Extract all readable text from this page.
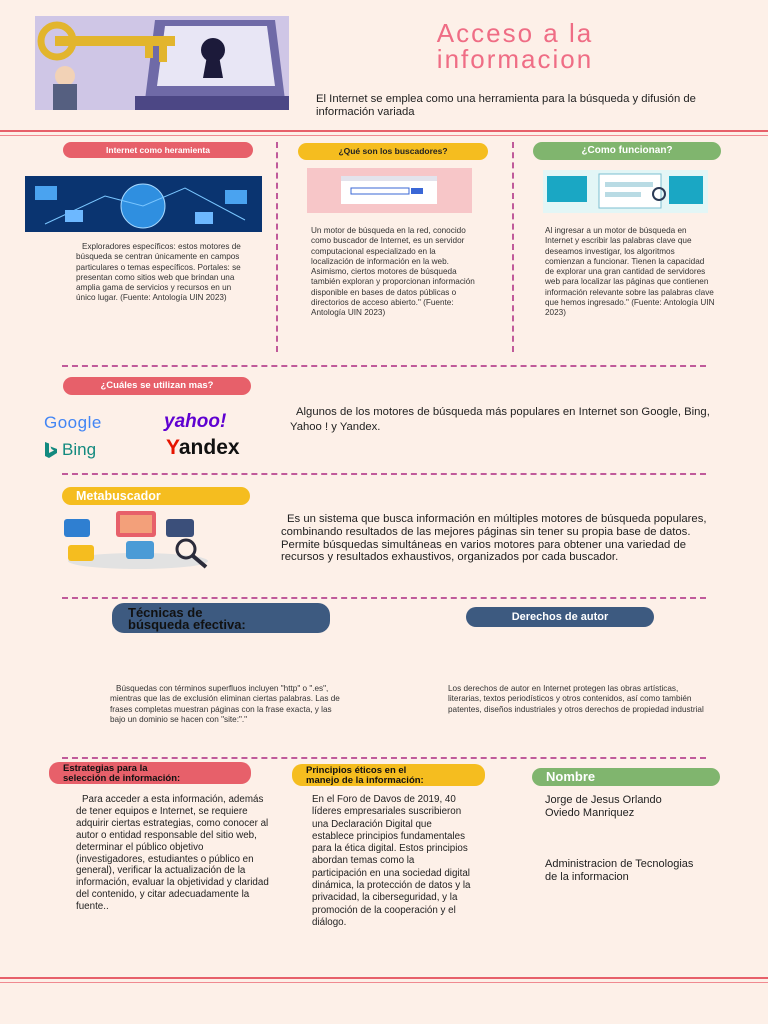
Acceso a la
informacion
El Internet se emplea como una herramienta para la búsqueda y difusión de información variada
Internet como heramienta
Exploradores específicos: estos motores de búsqueda se centran únicamente en campos particulares o temas específicos. Portales: se presentan como sitios web que brindan una amplia gama de servicios y recursos en un único lugar. (Fuente: Antología UIN 2023)
¿Qué son los buscadores?
Un motor de búsqueda en la red, conocido como buscador de Internet, es un servidor computacional especializado en la localización de información en la web. Asimismo, ciertos motores de búsqueda también exploran y proporcionan información disponible en bases de datos públicas o directorios de acceso abierto." (Fuente: Antología UIN 2023)
¿Como funcionan?
Al ingresar a un motor de búsqueda en Internet y escribir las palabras clave que deseamos investigar, los algoritmos comienzan a funcionar. Tienen la capacidad de explorar una gran cantidad de servidores web para localizar las páginas que contienen información relevante sobre las palabras clave que hemos ingresado." (Fuente: Antología UIN 2023)
¿Cuáles se utilizan mas?
Google	yahoo!
Bing	Yandex
Algunos de los motores de búsqueda más populares en Internet son Google, Bing, Yahoo ! y Yandex.
Metabuscador
Es un sistema que busca información en múltiples motores de búsqueda populares, combinando resultados de las mejores páginas sin tener su propia base de datos. Permite búsquedas simultáneas en varios motores para obtener una variedad de recursos y resultados exhaustivos, organizados por cada buscador.
Técnicas de
búsqueda efectiva:	Derechos de autor
Búsquedas con términos superfluos incluyen "http" o ".es", mientras que las de exclusión eliminan ciertas palabras. Las de frases completas muestran páginas con la frase exacta, y las bajo un dominio se hacen con "site:"."
Los derechos de autor en Internet protegen las obras artísticas, literarias, textos periodísticos y otros contenidos, así como también patentes, diseños industriales y otros derechos de propiedad industrial
Estrategias para la
selección de información:
Principios éticos en el
manejo de la información:	Nombre
Para acceder a esta información, además de tener equipos e Internet, se requiere adquirir ciertas estrategias, como conocer al autor o entidad responsable del sitio web, determinar el público objetivo (investigadores, estudiantes o público en general), verificar la actualización de la información, evaluar la objetividad y claridad del contenido, y citar adecuadamente la fuente..
En el Foro de Davos de 2019, 40 líderes empresariales suscribieron una Declaración Digital que establece principios fundamentales para la ética digital. Estos principios abordan temas como la participación en una sociedad digital dinámica, la protección de datos y la privacidad, la ciberseguridad, y la promoción de la cooperación y el diálogo.
Jorge de Jesus Orlando Oviedo Manriquez
Administracion de Tecnologias de la informacion
